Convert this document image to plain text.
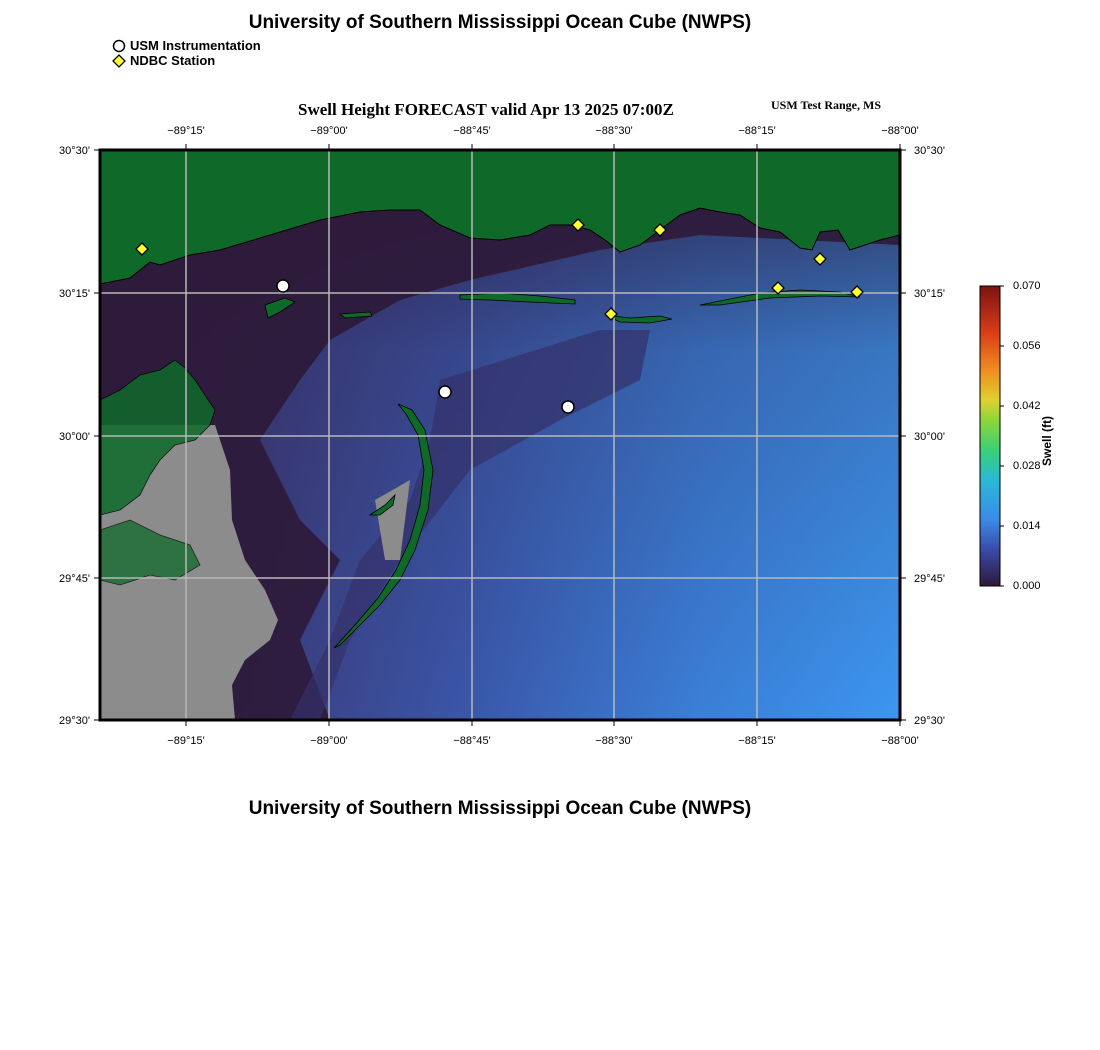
University of Southern Mississippi Ocean Cube (NWPS)
USM Instrumentation
NDBC Station
Swell Height FORECAST valid Apr 13 2025 07:00Z	USM Test Range, MS
−89°15'	−89°00'	−88°45'	−88°30'	−88°15'	−88°00'
−89°15'	−89°00'	−88°45'	−88°30'	−88°15'	−88°00'
30°30'
30°15'
30°00'
29°45'
29°30'
30°30'
30°15'
30°00'
29°45'
29°30'
0.070
0.056
0.042
0.028
0.014
0.000
Swell (ft)
University of Southern Mississippi Ocean Cube (NWPS)
